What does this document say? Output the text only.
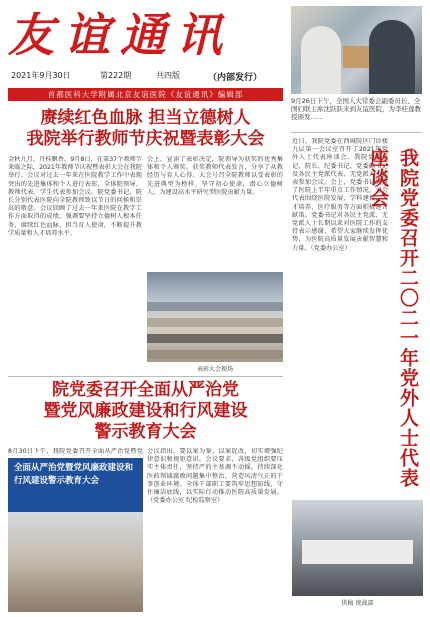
友谊通讯
2021年9月30日	第222期	共四版	（内部发行）
首都医科大学附属北京友谊医院《友谊通讯》编辑部
9月26日下午，全国人大常委会副委员长、全国妇联主席沈跃跃来到友谊医院，为李桂莲教授颁发……
赓续红色血脉 担当立德树人
我院举行教师节庆祝暨表彰大会
金秋九月，丹桂飘香。9月8日，在第37个教师节来临之际，2021年教师节庆祝暨表彰大会在我院举行。会议对过去一年来在医院教学工作中表现突出的先进集体和个人进行表彰，全体院领导、教师代表、学生代表参加会议。院党委书记、院长分别代表医院向全院教师致以节日的问候和崇高的敬意。会议回顾了过去一年来医院在教学工作方面取得的成绩，强调要坚持立德树人根本任务，赓续红色血脉，担当育人使命，不断提升教学质量和人才培养水平。
会上，宣读了表彰决定，院领导为获奖的优秀集体和个人颁奖。获奖教师代表发言，分享了从教经历与育人心得。大会号召全院教师以受表彰的先进典型为榜样，坚守初心使命，潜心立德树人，为建设高水平研究型医院贡献力量。
表彰大会现场
近日，我院党委在西城院区门诊楼九层第一会议室召开了2021年党外人士代表座谈会。我院党委书记、院长、纪委书记、党委副书记及各民主党派代表、无党派人士代表参加会议。会上，党委书记通报了医院上半年重点工作情况，与会代表围绕医院发展、学科建设、人才培养、医疗服务等方面积极建言献策。党委书记对各民主党派、无党派人士长期以来对医院工作的支持表示感谢，希望大家继续发挥优势，为医院高质量发展贡献智慧和力量。（党委办公室）	我院党委召开二〇二一年党外人士代表座谈会
院党委召开全面从严治党
暨党风廉政建设和行风建设
警示教育大会
会议指出，要以案为鉴、以案促改，切实增强纪律意识和规矩意识。会议要求，各级党组织要压实主体责任，坚持严的主基调不动摇，持续深化医药领域腐败问题集中整治，营造风清气正的干事创业环境。全体干部职工要筑牢思想防线，守住廉洁底线，以实际行动推动医院高质量发展。（党委办公室 纪检监察室）
全面从严治党暨党风廉政建设和行风建设警示教育大会
8月30日下午，我院党委召开全面从严治党暨党
供稿 统战部
